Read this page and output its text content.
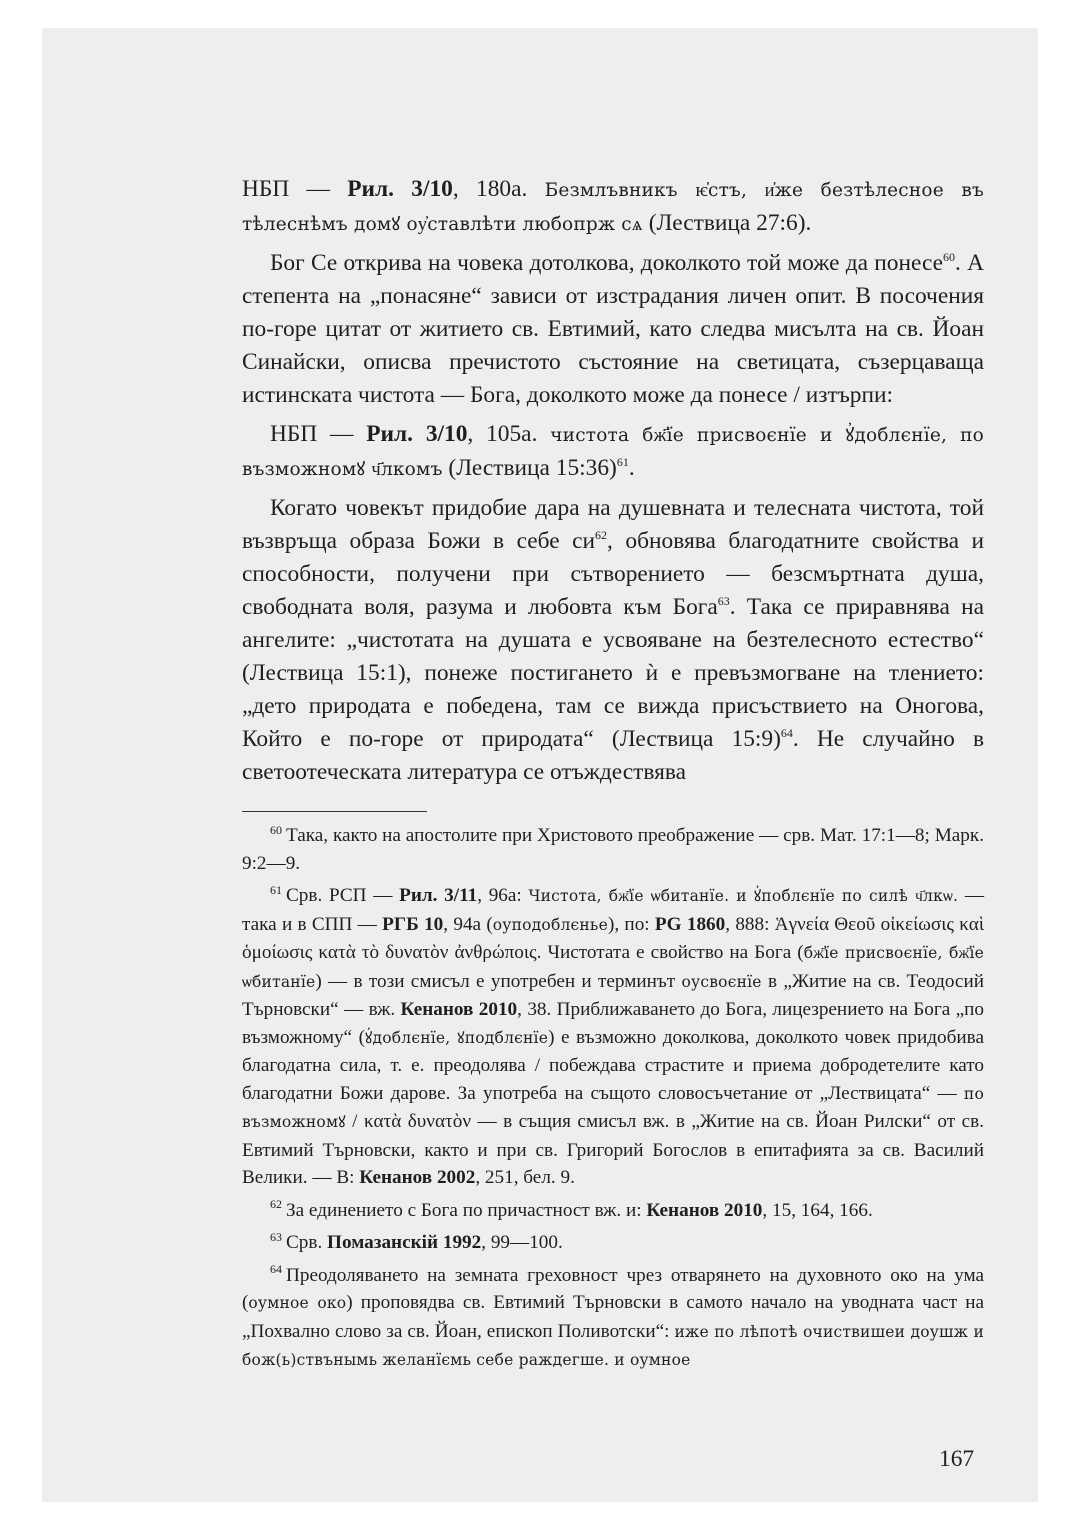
НБП — Рил. 3/10, 180а. Безмлъвникъ ѥ҆стъ, и҆же безтѣлесное въ тѣлеснѣмъ домꙋ оу҆ставлѣти любопрж сѧ (Лествица 27:6).

Бог Се открива на човека дотолкова, доколкото той може да понесе$^{60}$. А степента на „понасяне“ зависи от изстрадания личен опит. В посочения по-горе цитат от житието св. Евтимий, като следва мисълта на св. Йоан Синайски, описва пречистото състояние на светицата, съзерцаваща истинската чистота — Бога, доколкото може да понесе / изтърпи:

НБП — Рил. 3/10, 105а. чистота бж҃їе присвоєнїе и ꙋ҆доблєнїе, по възможномꙋ ч҃лкомъ (Лествица 15:36)$^{61}$.

Когато човекът придобие дара на душевната и телесната чистота, той възвръща образа Божи в себе $си^{62}$, обновява благодатните свойства и способности, получени при сътворението — безсмъртната душа, свободната воля, разума и любовта към Бога$^{63}$. Така се приравнява на ангелите: „чистотата на душата е усвояване на безтелесното естество“ (Лествица 15:1), понеже постигането ѝ е превъзмогване на тлението: „дето природата е победена, там се вижда присъствието на Оногова, Който е по-горе от природата“ (Лествица 15:9)$^{64}$. Не случайно в светоотеческата литература се отъждествява

$^{60}$ Така, както на апостолите при Христовото преображение — срв. Мат. 17:1—8; Марк. 9:2—9.

$^{61}$ Срв. РСП — Рил. 3/11, 96а: Чистота, бж҃їе ѡбитанїе. и ꙋ҆поблєнїе по силѣ ч҃лкѡ. — така и в СПП — РГБ 10, 94а (оуподоблєнье), по: PG 1860, 888: Ἁγνεία Θεοῦ οἰκείωσις καὶ ὁμοίωσις κατὰ τὸ δυνατὸν ἀνθρώποις. Чистотата е свойство на Бога (бж҃їе присвоєнїе, бж҃їе ѡбитанїе) — в този смисъл е употребен и терминът оусвоєнїе в „Житие на св. Теодосий Търновски“ — вж. Кенанов 2010, 38. Приближаването до Бога, лицезрението на Бога „по възможному“ (ꙋ҆доблєнїе, ꙋподблєнїе) е възможно доколкова, доколкото човек придобива благодатна сила, т. е. преодолява / побеждава страстите и приема добродетелите като благодатни Божи дарове. За употреба на същото словосъчетание от „Лествицата“ — по възможномꙋ / κατὰ δυνατὸν — в същия смисъл вж. в „Житие на св. Йоан Рилски“ от св. Евтимий Търновски, както и при св. Григорий Богослов в епитафията за св. Василий Велики. — В: Кенанов 2002, 251, бел. 9.

$^{62}$ За единението с Бога по причастност вж. и: Кенанов 2010, 15, 164, 166.

$^{63}$ Срв. Помазанскій 1992, 99—100.

$^{64}$ Преодоляването на земната греховност чрез отварянето на духовното око на ума (оумное око) проповядва св. Евтимий Търновски в самото начало на уводната част на „Похвално слово за св. Йоан, епископ Поливотски“: иже по лѣпотѣ очиствишеи доушж и бож(ь)ствънымь желанїємь себе раждегше. и оумное

167
